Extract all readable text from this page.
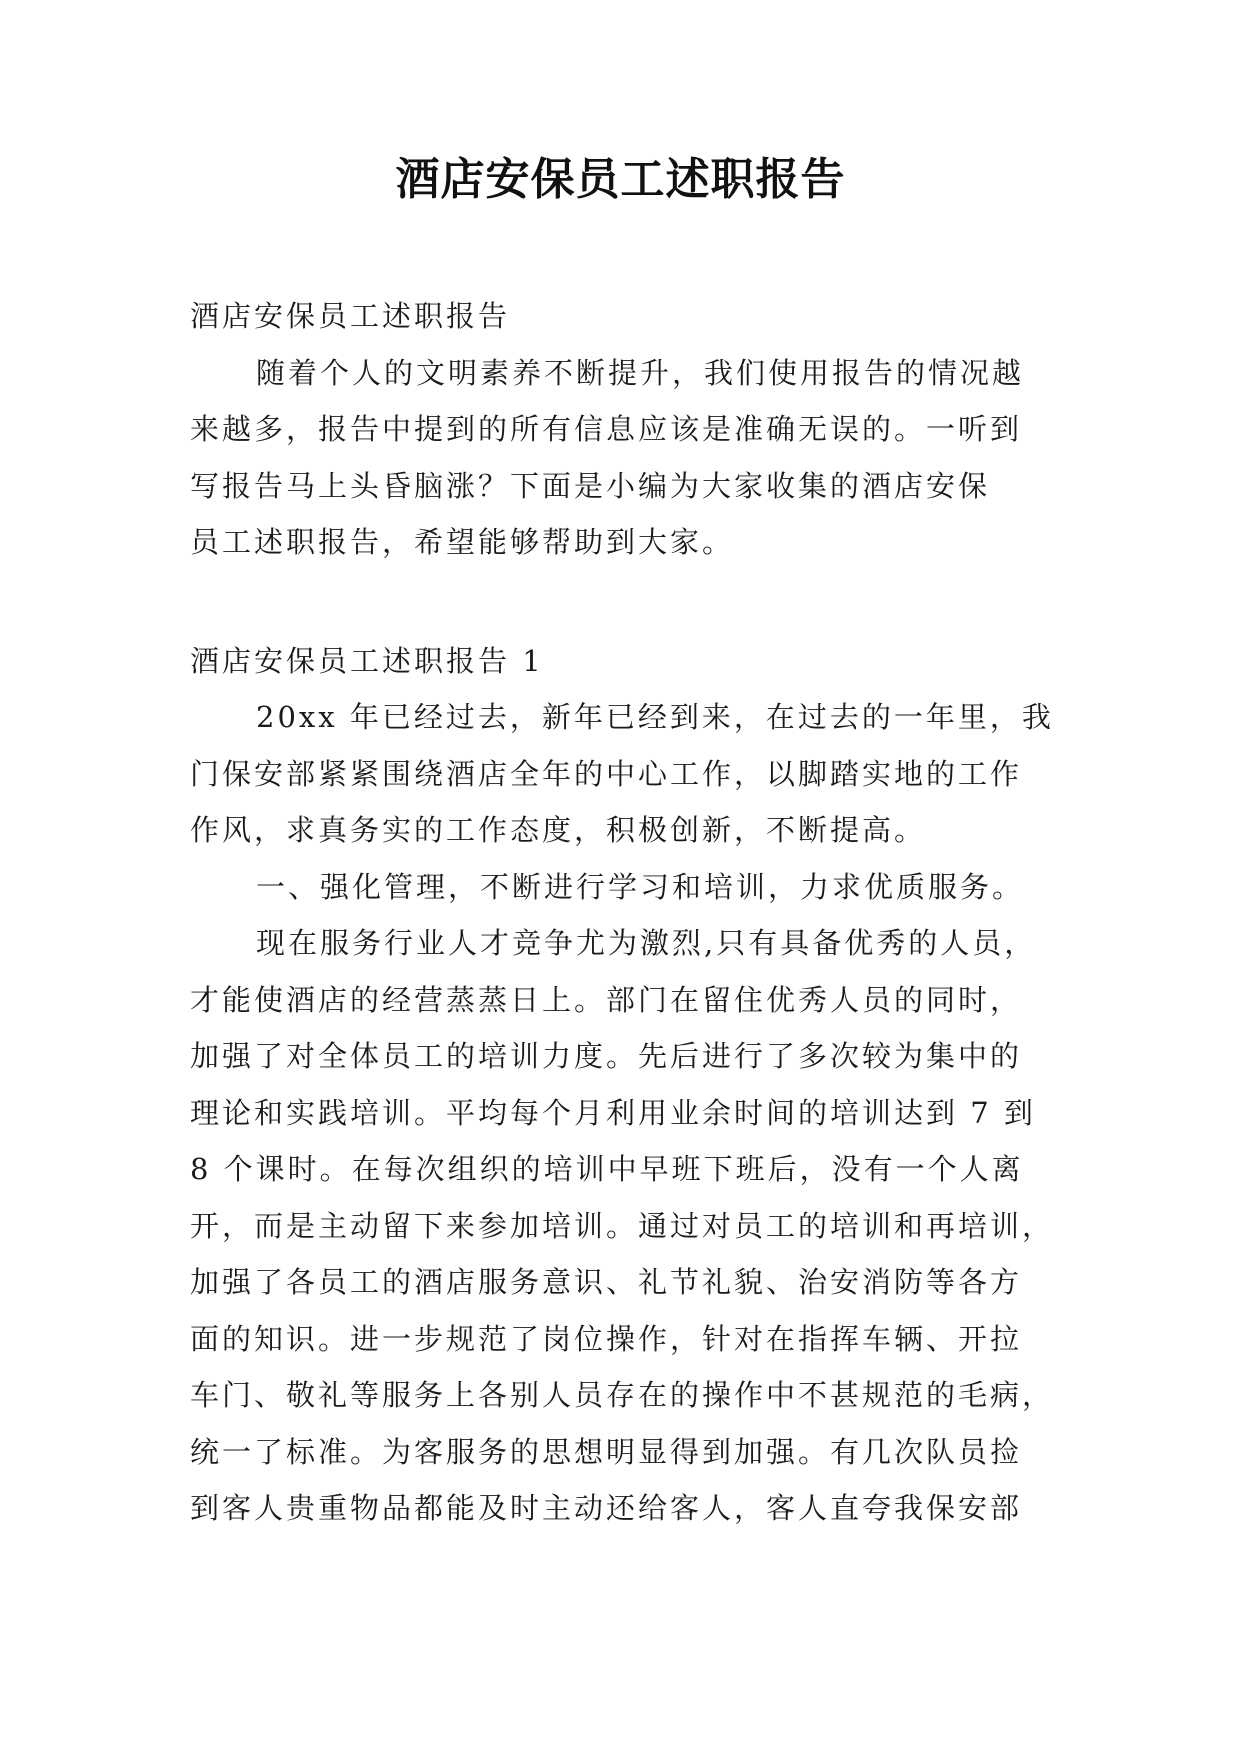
酒店安保员工述职报告
酒店安保员工述职报告
随着个人的文明素养不断提升，我们使用报告的情况越
来越多，报告中提到的所有信息应该是准确无误的。一听到
写报告马上头昏脑涨？下面是小编为大家收集的酒店安保
员工述职报告，希望能够帮助到大家。
酒店安保员工述职报告 1
20xx 年已经过去，新年已经到来，在过去的一年里，我
门保安部紧紧围绕酒店全年的中心工作，以脚踏实地的工作
作风，求真务实的工作态度，积极创新，不断提高。
一、强化管理，不断进行学习和培训，力求优质服务。
现在服务行业人才竞争尤为激烈,只有具备优秀的人员，
才能使酒店的经营蒸蒸日上。部门在留住优秀人员的同时，
加强了对全体员工的培训力度。先后进行了多次较为集中的
理论和实践培训。平均每个月利用业余时间的培训达到 7 到
8 个课时。在每次组织的培训中早班下班后，没有一个人离
开，而是主动留下来参加培训。通过对员工的培训和再培训，
加强了各员工的酒店服务意识、礼节礼貌、治安消防等各方
面的知识。进一步规范了岗位操作，针对在指挥车辆、开拉
车门、敬礼等服务上各别人员存在的操作中不甚规范的毛病，
统一了标准。为客服务的思想明显得到加强。有几次队员捡
到客人贵重物品都能及时主动还给客人，客人直夸我保安部
